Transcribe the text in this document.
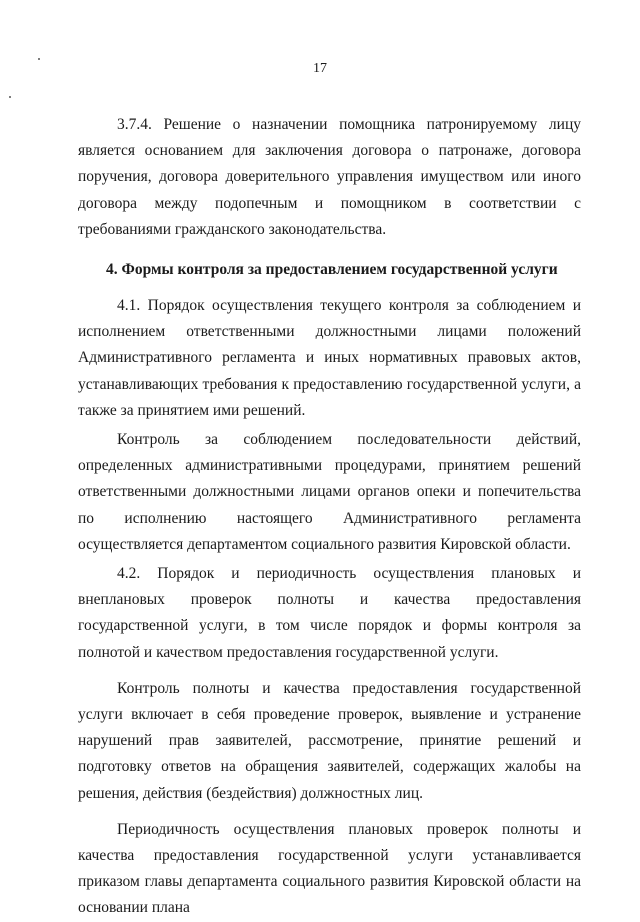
17

3.7.4. Решение о назначении помощника патронируемому лицу является основанием для заключения договора о патронаже, договора поручения, договора доверительного управления имуществом или иного договора между подопечным и помощником в соответствии с требованиями гражданского законодательства.

4. Формы контроля за предоставлением государственной услуги

4.1. Порядок осуществления текущего контроля за соблюдением и исполнением ответственными должностными лицами положений Административного регламента и иных нормативных правовых актов, устанавливающих требования к предоставлению государственной услуги, а также за принятием ими решений.

Контроль за соблюдением последовательности действий, определенных административными процедурами, принятием решений ответственными должностными лицами органов опеки и попечительства по исполнению настоящего Административного регламента осуществляется департаментом социального развития Кировской области.

4.2. Порядок и периодичность осуществления плановых и внеплановых проверок полноты и качества предоставления государственной услуги, в том числе порядок и формы контроля за полнотой и качеством предоставления государственной услуги.

Контроль полноты и качества предоставления государственной услуги включает в себя проведение проверок, выявление и устранение нарушений прав заявителей, рассмотрение, принятие решений и подготовку ответов на обращения заявителей, содержащих жалобы на решения, действия (бездействия) должностных лиц.

Периодичность осуществления плановых проверок полноты и качества предоставления государственной услуги устанавливается приказом главы департамента социального развития Кировской области на основании плана
